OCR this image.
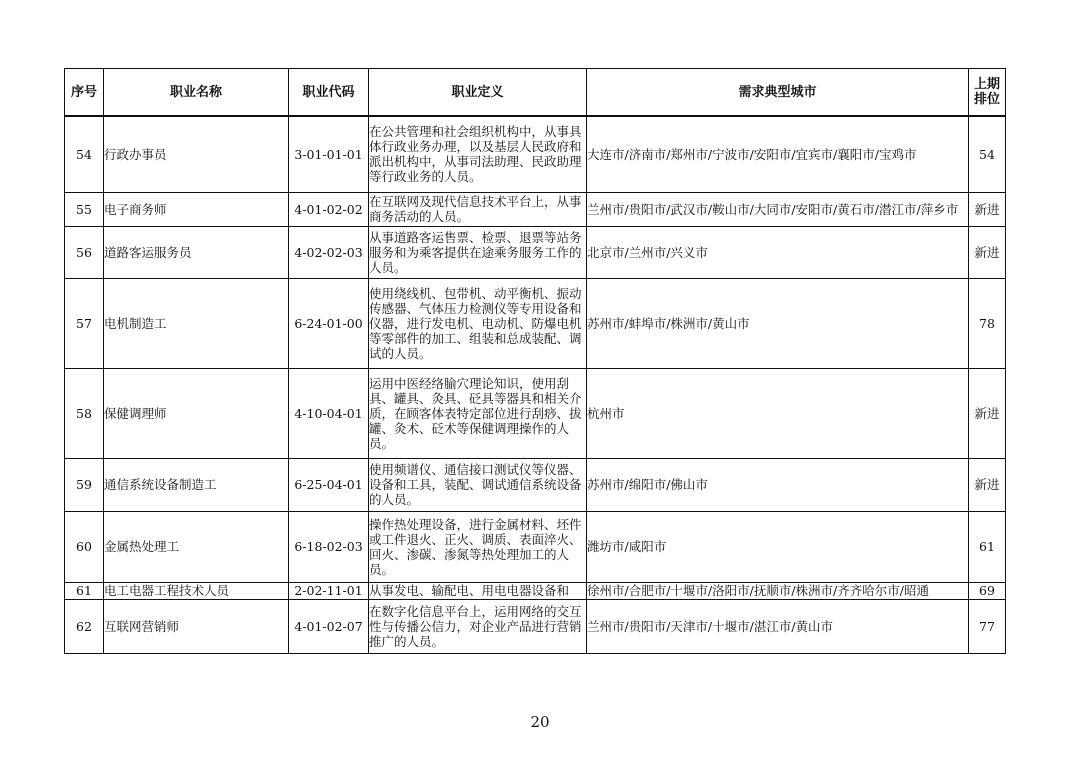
序号	职业名称	职业代码	职业定义	需求典型城市	上期排位
54	行政办事员	3-01-01-01	在公共管理和社会组织机构中，从事具体行政业务办理，以及基层人民政府和派出机构中，从事司法助理、民政助理等行政业务的人员。	大连市/济南市/郑州市/宁波市/安阳市/宜宾市/襄阳市/宝鸡市	54
55	电子商务师	4-01-02-02	在互联网及现代信息技术平台上，从事商务活动的人员。	兰州市/贵阳市/武汉市/鞍山市/大同市/安阳市/黄石市/潜江市/萍乡市	新进
56	道路客运服务员	4-02-02-03	从事道路客运售票、检票、退票等站务服务和为乘客提供在途乘务服务工作的人员。	北京市/兰州市/兴义市	新进
57	电机制造工	6-24-01-00	使用绕线机、包带机、动平衡机、振动传感器、气体压力检测仪等专用设备和仪器，进行发电机、电动机、防爆电机等零部件的加工、组装和总成装配、调试的人员。	苏州市/蚌埠市/株洲市/黄山市	78
58	保健调理师	4-10-04-01	运用中医经络腧穴理论知识，使用刮具、罐具、灸具、砭具等器具和相关介质，在顾客体表特定部位进行刮痧、拔罐、灸术、砭术等保健调理操作的人员。	杭州市	新进
59	通信系统设备制造工	6-25-04-01	使用频谱仪、通信接口测试仪等仪器、设备和工具，装配、调试通信系统设备的人员。	苏州市/绵阳市/佛山市	新进
60	金属热处理工	6-18-02-03	操作热处理设备，进行金属材料、坯件或工件退火、正火、调质、表面淬火、回火、渗碳、渗氮等热处理加工的人员。	潍坊市/咸阳市	61
61	电工电器工程技术人员	2-02-11-01	从事发电、输配电、用电电器设备和	徐州市/合肥市/十堰市/洛阳市/抚顺市/株洲市/齐齐哈尔市/昭通	69
62	互联网营销师	4-01-02-07	在数字化信息平台上，运用网络的交互性与传播公信力，对企业产品进行营销推广的人员。	兰州市/贵阳市/天津市/十堰市/湛江市/黄山市	77
20
